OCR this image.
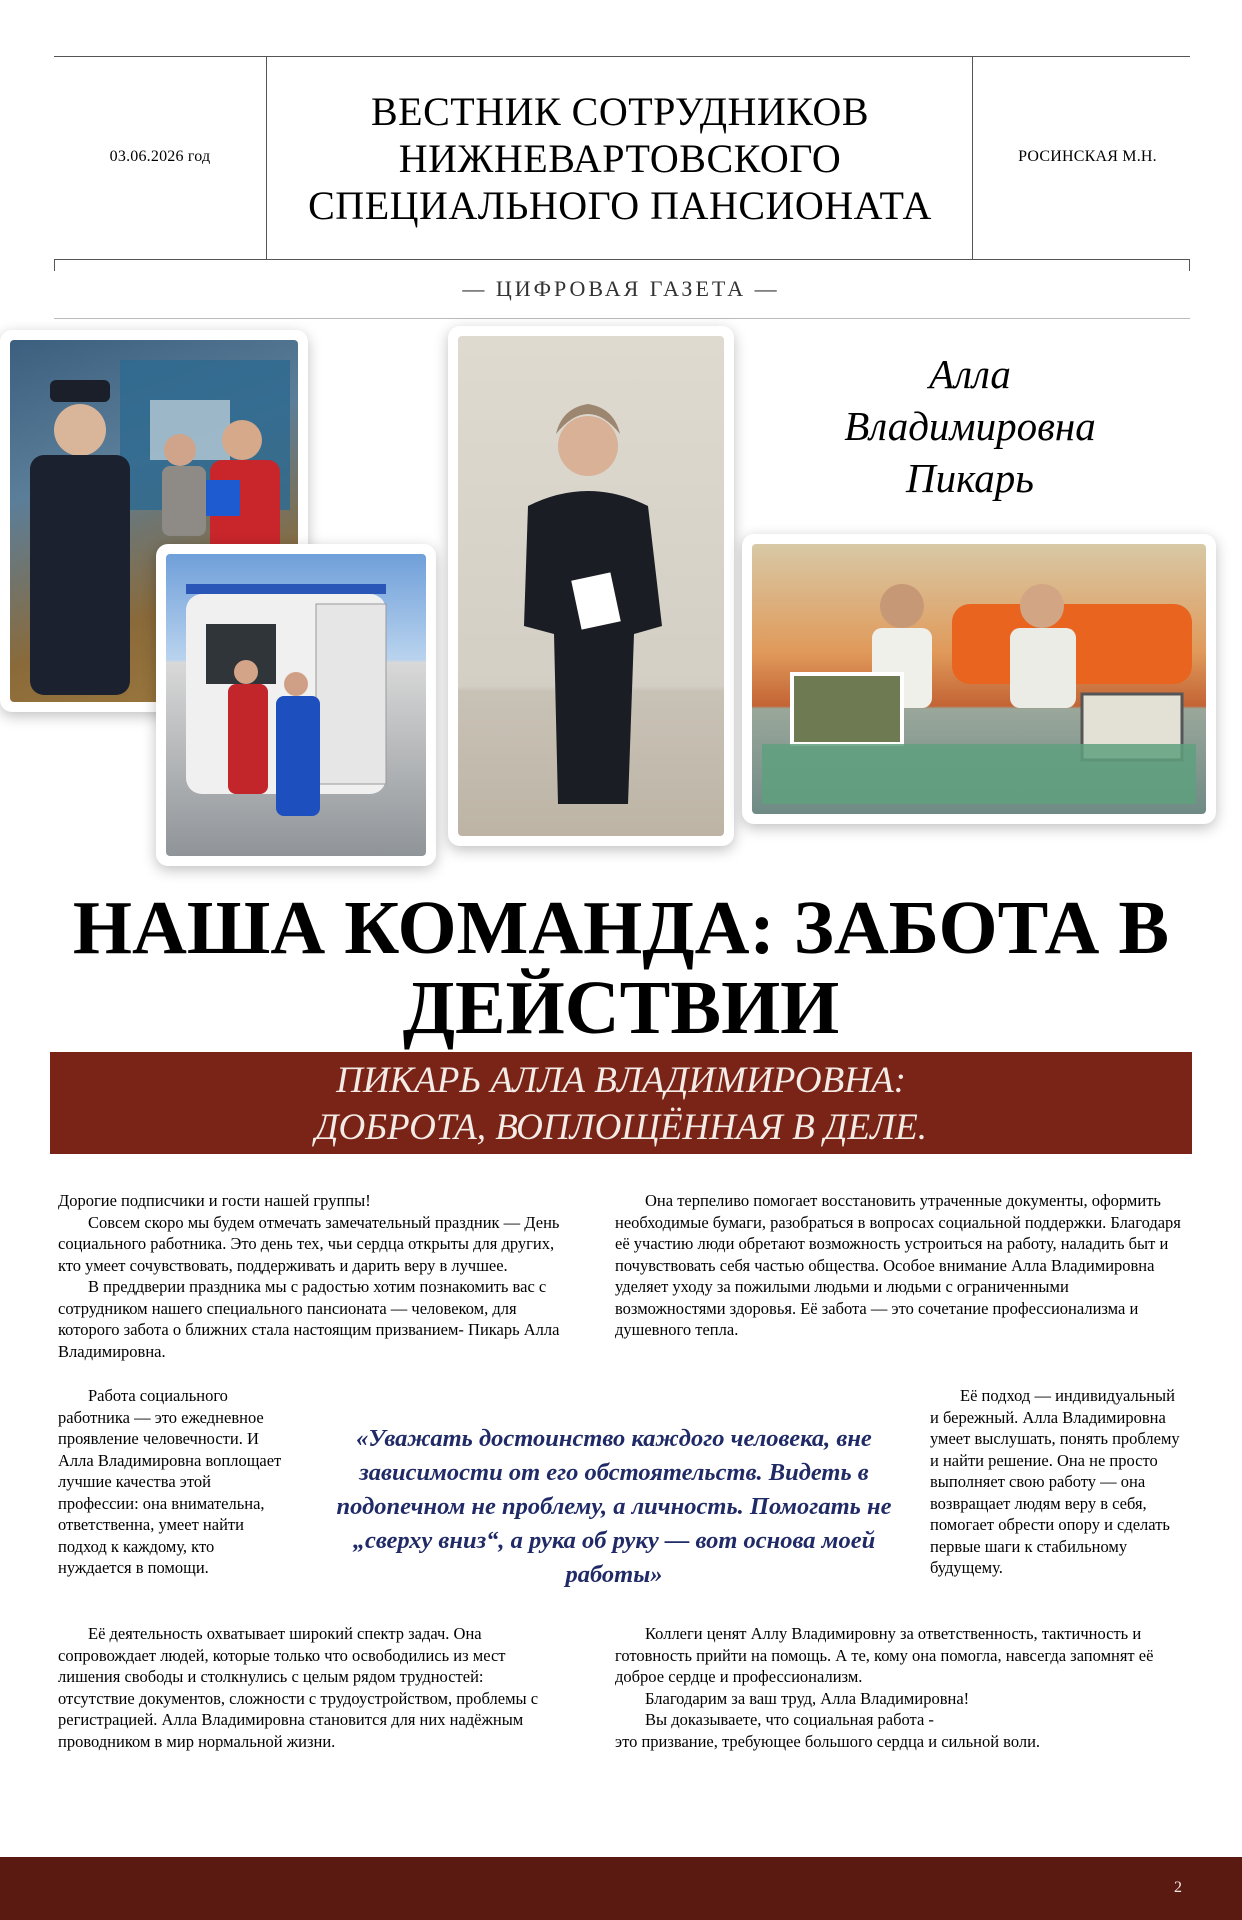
03.06.2026 год
ВЕСТНИК СОТРУДНИКОВ
НИЖНЕВАРТОВСКОГО
СПЕЦИАЛЬНОГО ПАНСИОНАТА
РОСИНСКАЯ М.Н.
— ЦИФРОВАЯ ГАЗЕТА —
Алла
Владимировна
Пикарь
НАША КОМАНДА: ЗАБОТА В
ДЕЙСТВИИ
ПИКАРЬ АЛЛА ВЛАДИМИРОВНА:
ДОБРОТА, ВОПЛОЩЁННАЯ В ДЕЛЕ.

Дорогие подписчики и гости нашей группы!

Совсем скоро мы будем отмечать замечательный праздник — День социального работника. Это день тех, чьи сердца открыты для других, кто умеет сочувствовать, поддерживать и дарить веру в лучшее.

В преддверии праздника мы с радостью хотим познакомить вас с сотрудником нашего специального пансионата — человеком, для которого забота о ближних стала настоящим призванием- Пикарь Алла Владимировна.

Работа социального работника — это ежедневное проявление человечности. И Алла Владимировна воплощает лучшие качества этой профессии: она внимательна, ответственна, умеет найти подход к каждому, кто нуждается в помощи.

Её деятельность охватывает широкий спектр задач. Она сопровождает людей, которые только что освободились из мест лишения свободы и столкнулись с целым рядом трудностей: отсутствие документов, сложности с трудоустройством, проблемы с регистрацией. Алла Владимировна становится для них надёжным проводником в мир нормальной жизни.

Она терпеливо помогает восстановить утраченные документы, оформить необходимые бумаги, разобраться в вопросах социальной поддержки. Благодаря её участию люди обретают возможность устроиться на работу, наладить быт и почувствовать себя частью общества. Особое внимание Алла Владимировна уделяет уходу за пожилыми людьми и людьми с ограниченными возможностями здоровья. Её забота — это сочетание профессионализма и душевного тепла.

Её подход — индивидуальный и бережный. Алла Владимировна умеет выслушать, понять проблему и найти решение. Она не просто выполняет свою работу — она возвращает людям веру в себя, помогает обрести опору и сделать первые шаги к стабильному будущему.

Коллеги ценят Аллу Владимировну за ответственность, тактичность и готовность прийти на помощь. А те, кому она помогла, навсегда запомнят её доброе сердце и профессионализм.

Благодарим за ваш труд, Алла Владимировна!

Вы доказываете, что социальная работа -

это призвание, требующее большого сердца и сильной воли.

«Уважать достоинство каждого человека, вне зависимости от его обстоятельств. Видеть в подопечном не проблему, а личность. Помогать не „сверху вниз“, а рука об руку — вот основа моей работы»
2
